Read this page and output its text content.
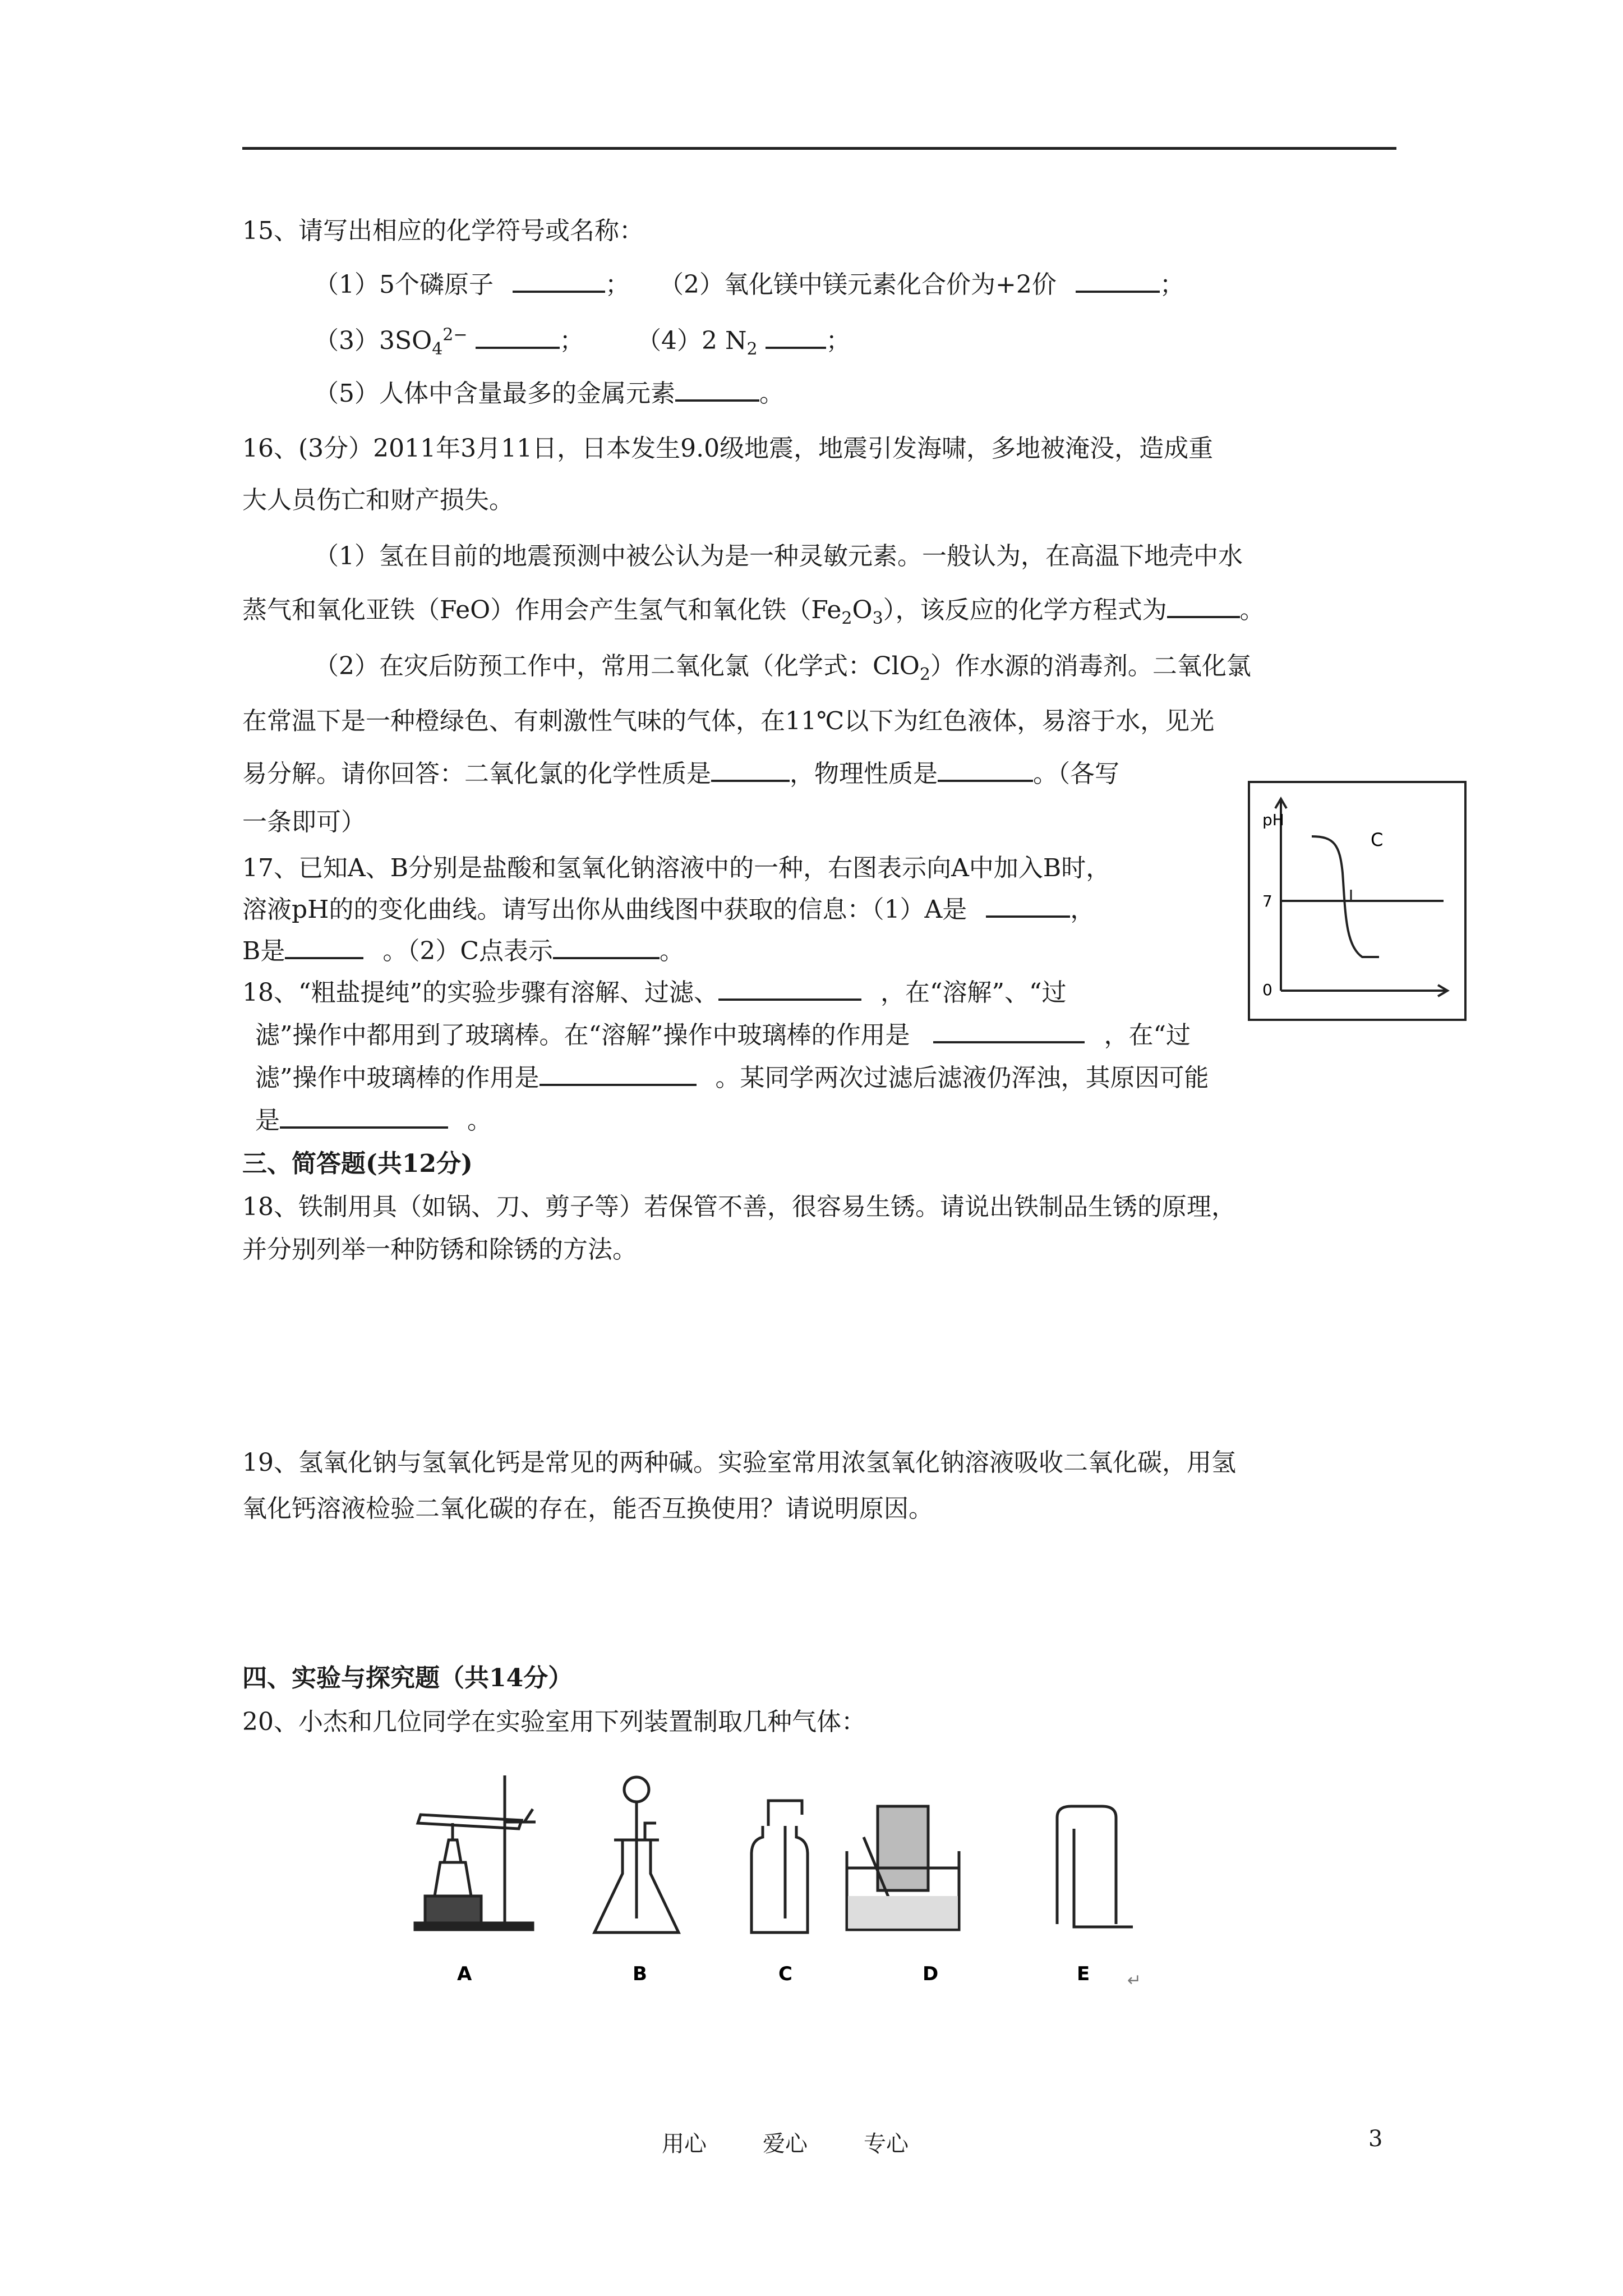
15、请写出相应的化学符号或名称：
（1）5个磷原子	； （2）氧化镁中镁元素化合价为+2价	；
$(3)3SO_4^{2-}$	； （4）2 $N_2$	；
（5）人体中含量最多的金属元素	。
16、(3分）2011年3月11日，日本发生9.0级地震，地震引发海啸，多地被淹没，造成重
大人员伤亡和财产损失。
（1）氢在目前的地震预测中被公认为是一种灵敏元素。一般认为，在高温下地壳中水
蒸气和氧化亚铁（FeO）作用会产生氢气和氧化铁$(Fe_2O_3)$，该反应的化学方程式为	。
（2）在灾后防预工作中，常用二氧化氯（化学式：ClO$_2$）作水源的消毒剂。二氧化氯
在常温下是一种橙绿色、有刺激性气味的气体，在11℃以下为红色液体，易溶于水，见光
易分解。请你回答：二氧化氯的化学性质是	，物理性质是	。（各写
一条即可）
17、已知A、B分别是盐酸和氢氧化钠溶液中的一种，右图表示向A中加入B时，
溶液pH的的变化曲线。请写出你从曲线图中获取的信息：（1）A是	，
B是	。（2）C点表示	。
pH
C
7
0
18、“粗盐提纯”的实验步骤有溶解、过滤、	，在“溶解”、“过
滤”操作中都用到了玻璃棒。在“溶解”操作中玻璃棒的作用是	，在“过
滤”操作中玻璃棒的作用是	。某同学两次过滤后滤液仍浑浊，其原因可能
是	。
三、简答题(共12分)
18、铁制用具（如锅、刀、剪子等）若保管不善，很容易生锈。请说出铁制品生锈的原理，
并分别列举一种防锈和除锈的方法。
19、氢氧化钠与氢氧化钙是常见的两种碱。实验室常用浓氢氧化钠溶液吸收二氧化碳，用氢
氧化钙溶液检验二氧化碳的存在，能否互换使用？请说明原因。
四、实验与探究题（共14分）
20、小杰和几位同学在实验室用下列装置制取几种气体：
A	B	C	D	E ↵
用心	爱心	专心	3
